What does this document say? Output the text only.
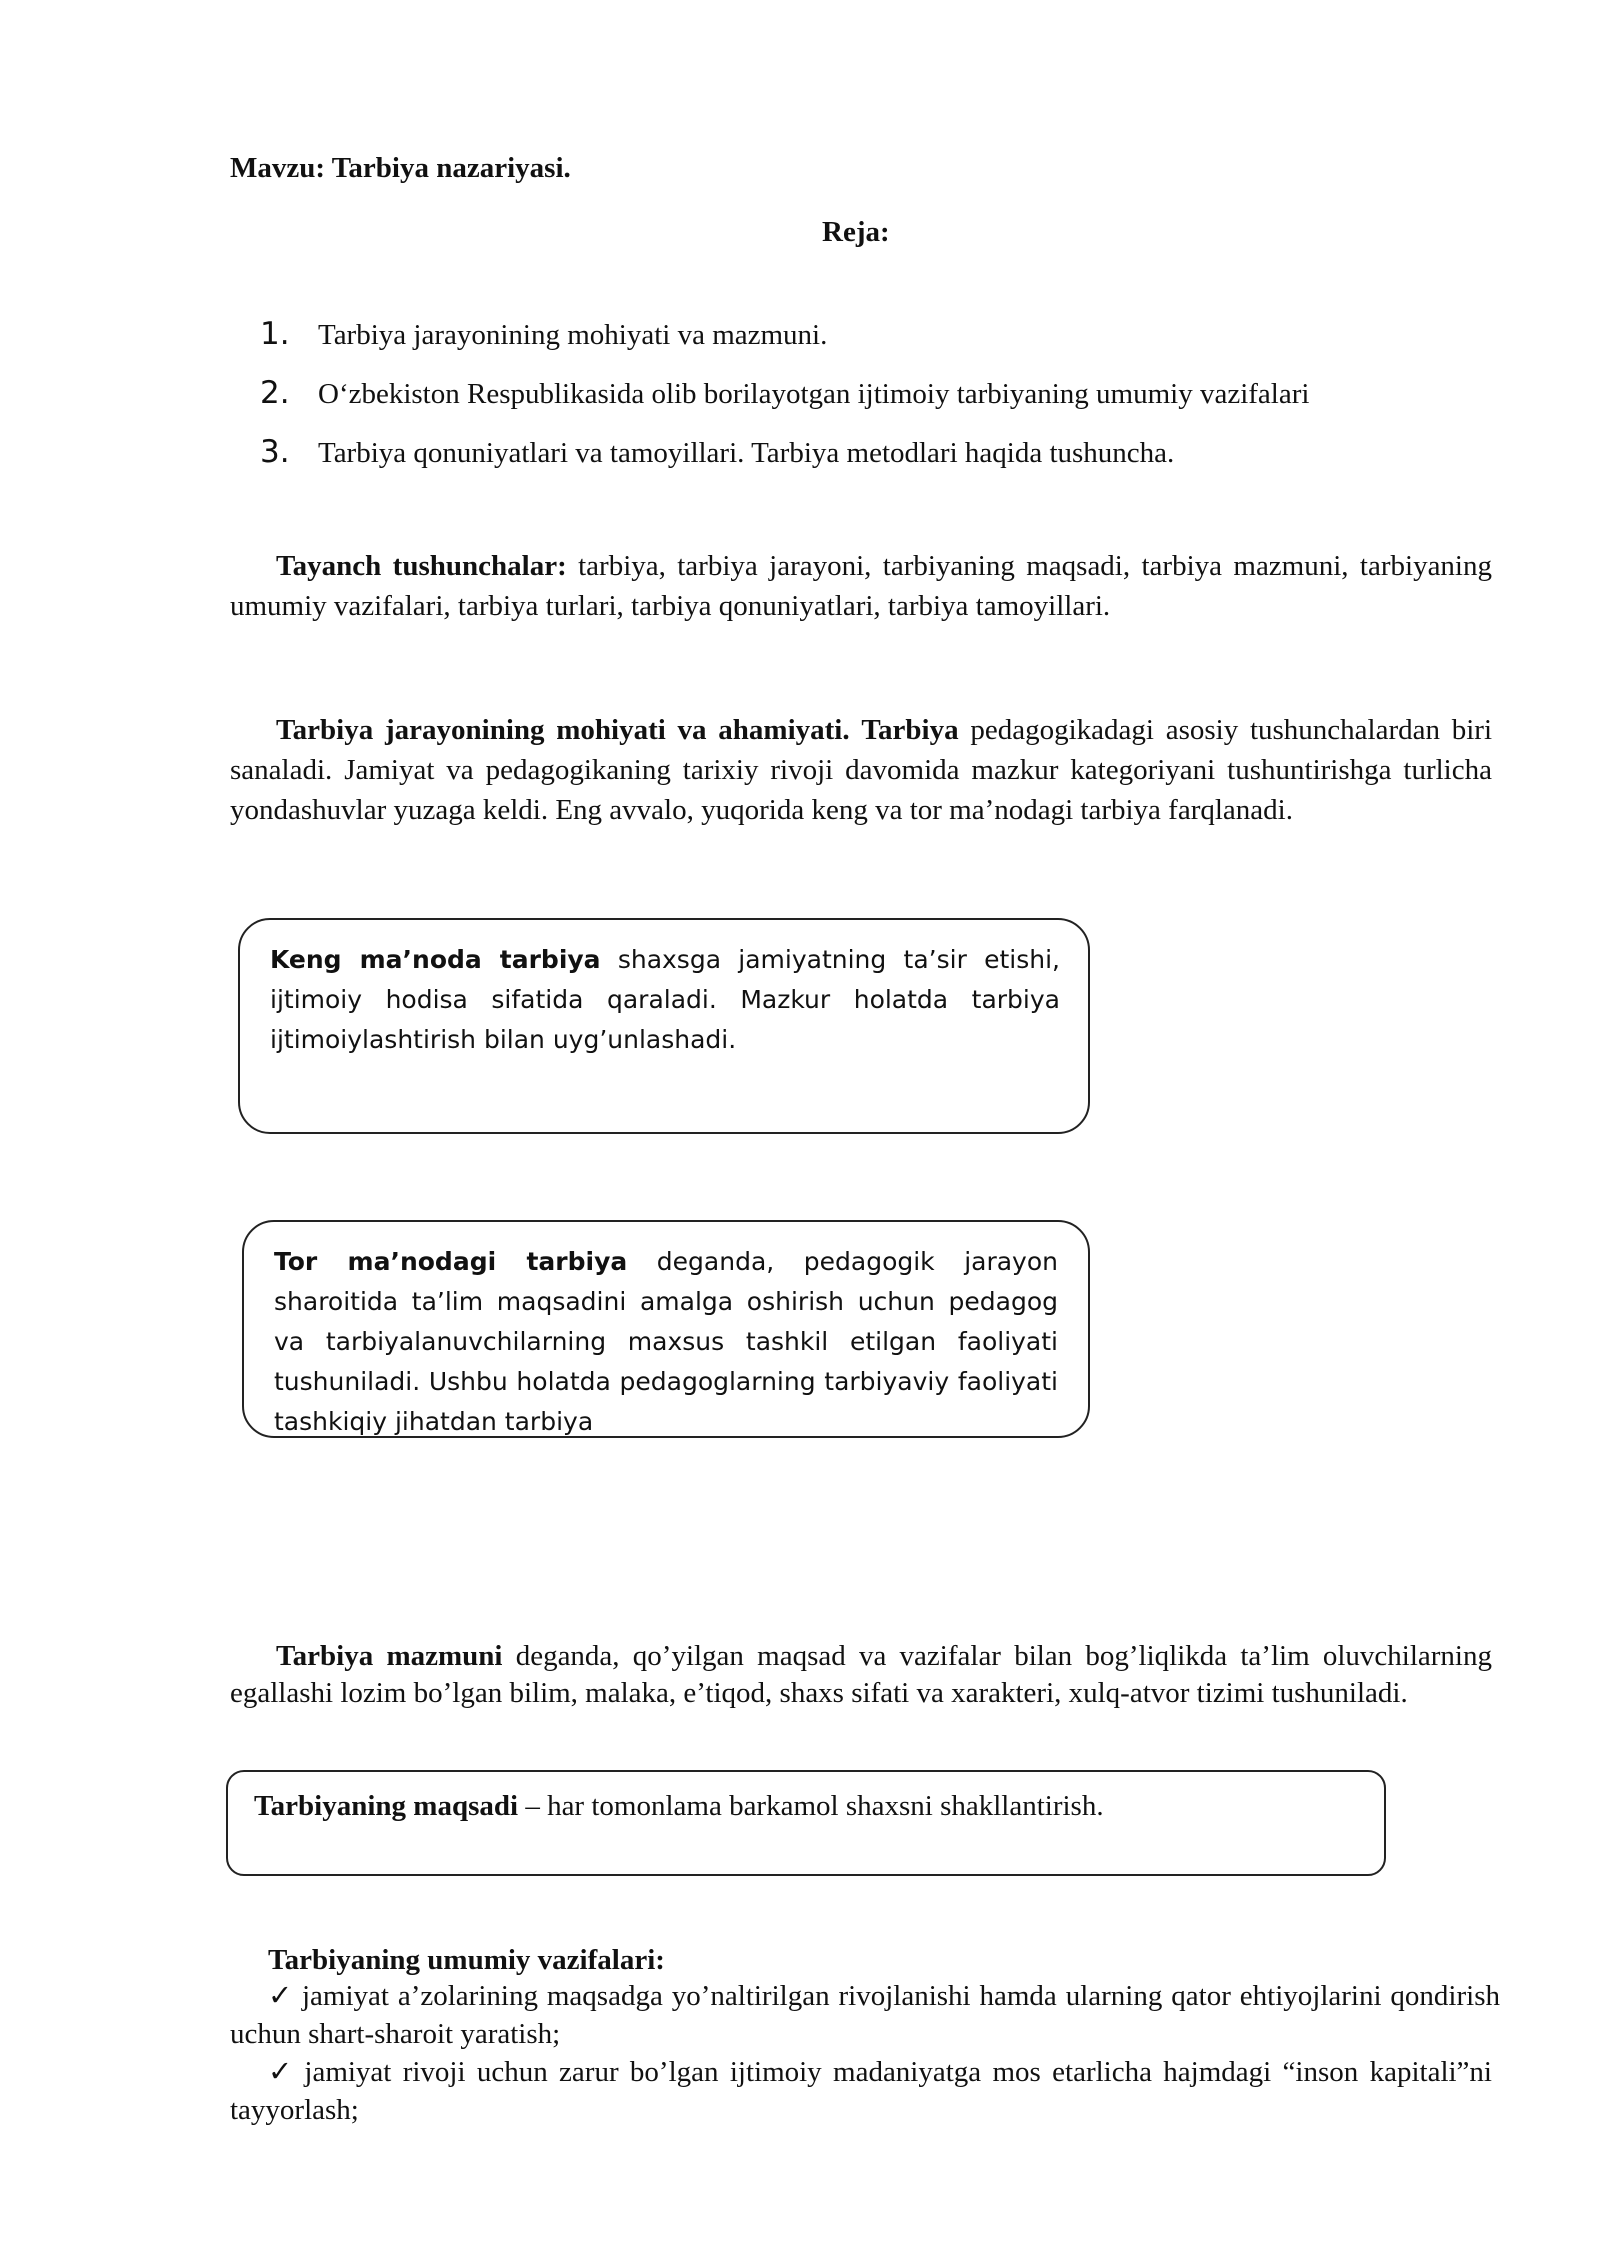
Mavzu: Tarbiya nazariyasi.
Reja:
1. Tarbiya jarayonining mohiyati va mazmuni.
2. O‘zbekiston Respublikasida olib borilayotgan ijtimoiy tarbiyaning umumiy vazifalari
3. Tarbiya qonuniyatlari va tamoyillari. Tarbiya metodlari haqida tushuncha.
Tayanch tushunchalar: tarbiya, tarbiya jarayoni, tarbiyaning maqsadi, tarbiya mazmuni, tarbiyaning umumiy vazifalari, tarbiya turlari, tarbiya qonuniyatlari, tarbiya tamoyillari.
Tarbiya jarayonining mohiyati va ahamiyati. Tarbiya pedagogikadagi asosiy tushunchalardan biri sanaladi. Jamiyat va pedagogikaning tarixiy rivoji davomida mazkur kategoriyani tushuntirishga turlicha yondashuvlar yuzaga keldi. Eng avvalo, yuqorida keng va tor ma’nodagi tarbiya farqlanadi.
Keng ma’noda tarbiya shaxsga jamiyatning ta’sir etishi, ijtimoiy hodisa sifatida qaraladi. Mazkur holatda tarbiya ijtimoiylashtirish bilan uyg’unlashadi.
Tor ma’nodagi tarbiya deganda, pedagogik jarayon sharoitida ta’lim maqsadini amalga oshirish uchun pedagog va tarbiyalanuvchilarning maxsus tashkil etilgan faoliyati tushuniladi. Ushbu holatda pedagoglarning tarbiyaviy faoliyati tashkiqiy jihatdan tarbiya
Tarbiya mazmuni deganda, qo’yilgan maqsad va vazifalar bilan bog’liqlikda ta’lim oluvchilarning egallashi lozim bo’lgan bilim, malaka, e’tiqod, shaxs sifati va xarakteri, xulq-atvor tizimi tushuniladi.
Tarbiyaning maqsadi – har tomonlama barkamol shaxsni shakllantirish.
Tarbiyaning umumiy vazifalari:
✓ jamiyat a’zolarining maqsadga yo’naltirilgan rivojlanishi hamda ularning qator ehtiyojlarini qondirish uchun shart-sharoit yaratish;
✓ jamiyat rivoji uchun zarur bo’lgan ijtimoiy madaniyatga mos etarlicha hajmdagi “inson kapitali”ni tayyorlash;
